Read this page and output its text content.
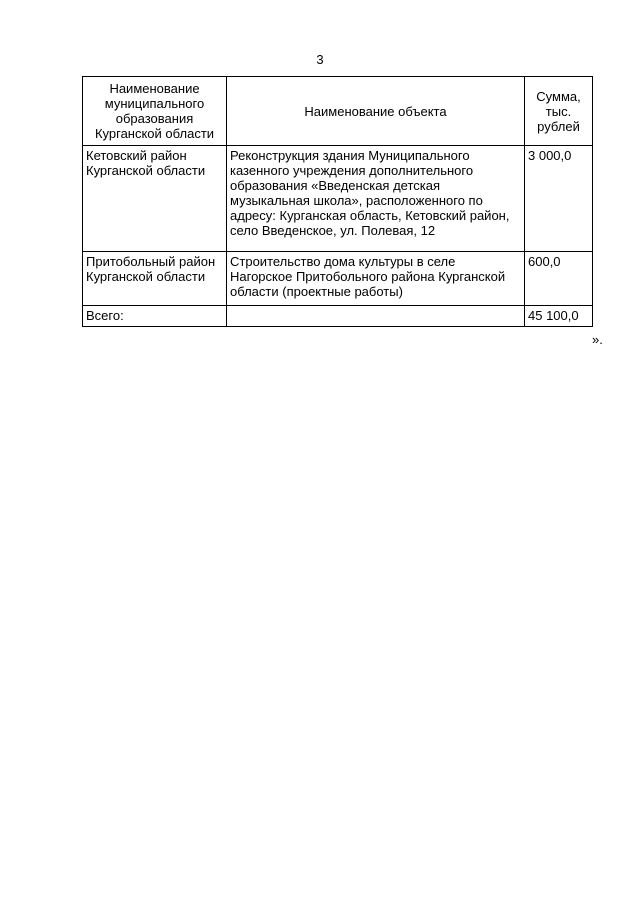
3
Наименование муниципального образования Курганской области	Наименование объекта	Сумма, тыс. рублей
Кетовский район Курганской области	Реконструкция здания Муниципального казенного учреждения дополнительного образования «Введенская детская музыкальная школа», расположенного по адресу: Курганская область, Кетовский район, село Введенское, ул. Полевая, 12	3 000,0
Притобольный район Курганской области	Строительство дома культуры в селе Нагорское Притобольного района Курганской области (проектные работы)	600,0
Всего:		45 100,0
».
